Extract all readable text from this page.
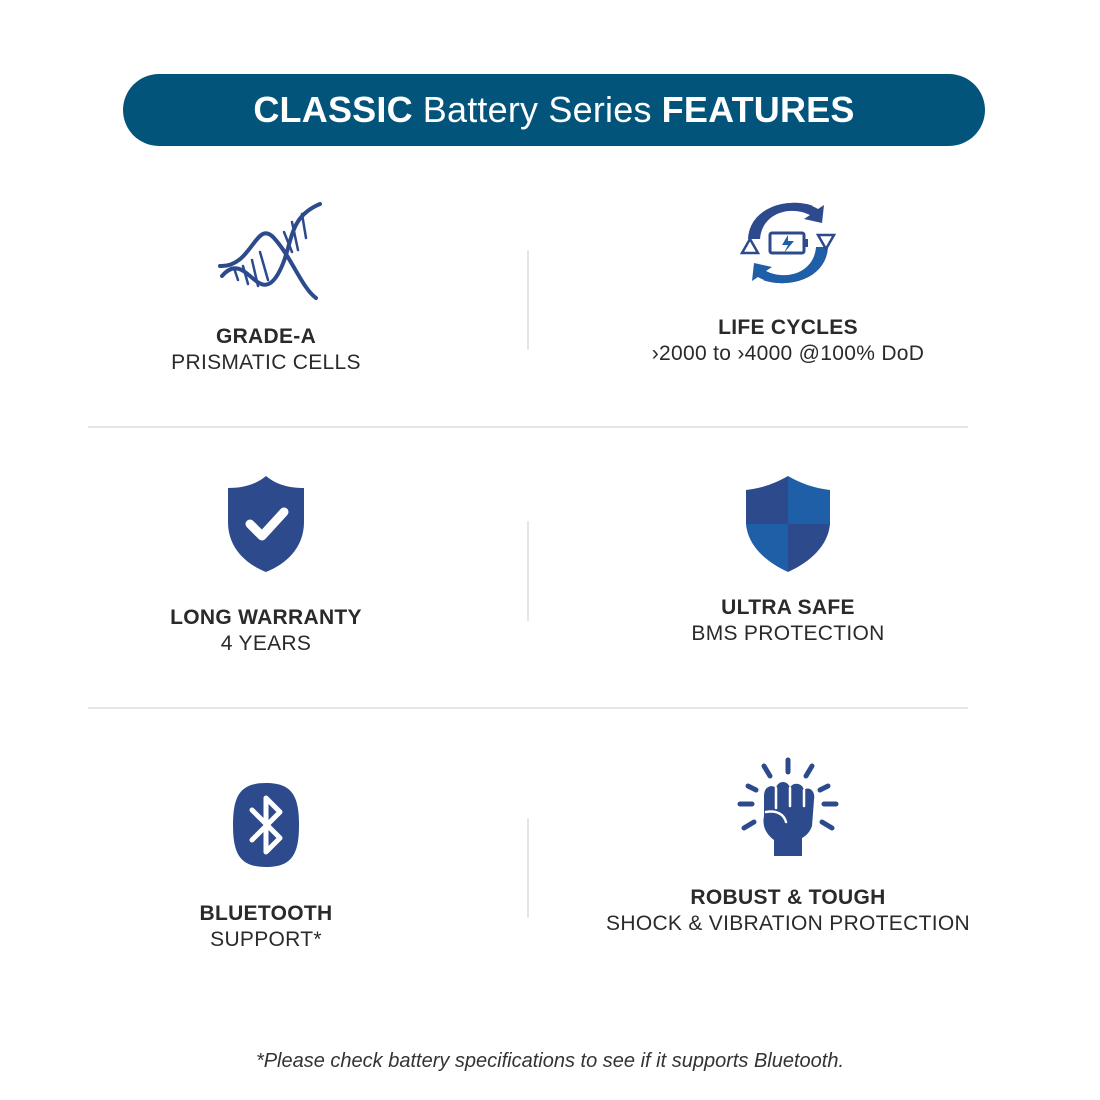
CLASSIC Battery Series FEATURES
GRADE-A
PRISMATIC CELLS
LIFE CYCLES
›2000 to ›4000 @100% DoD
LONG WARRANTY
4 YEARS
ULTRA SAFE
BMS PROTECTION
BLUETOOTH
SUPPORT*
ROBUST & TOUGH
SHOCK & VIBRATION PROTECTION
*Please check battery specifications to see if it supports Bluetooth.
